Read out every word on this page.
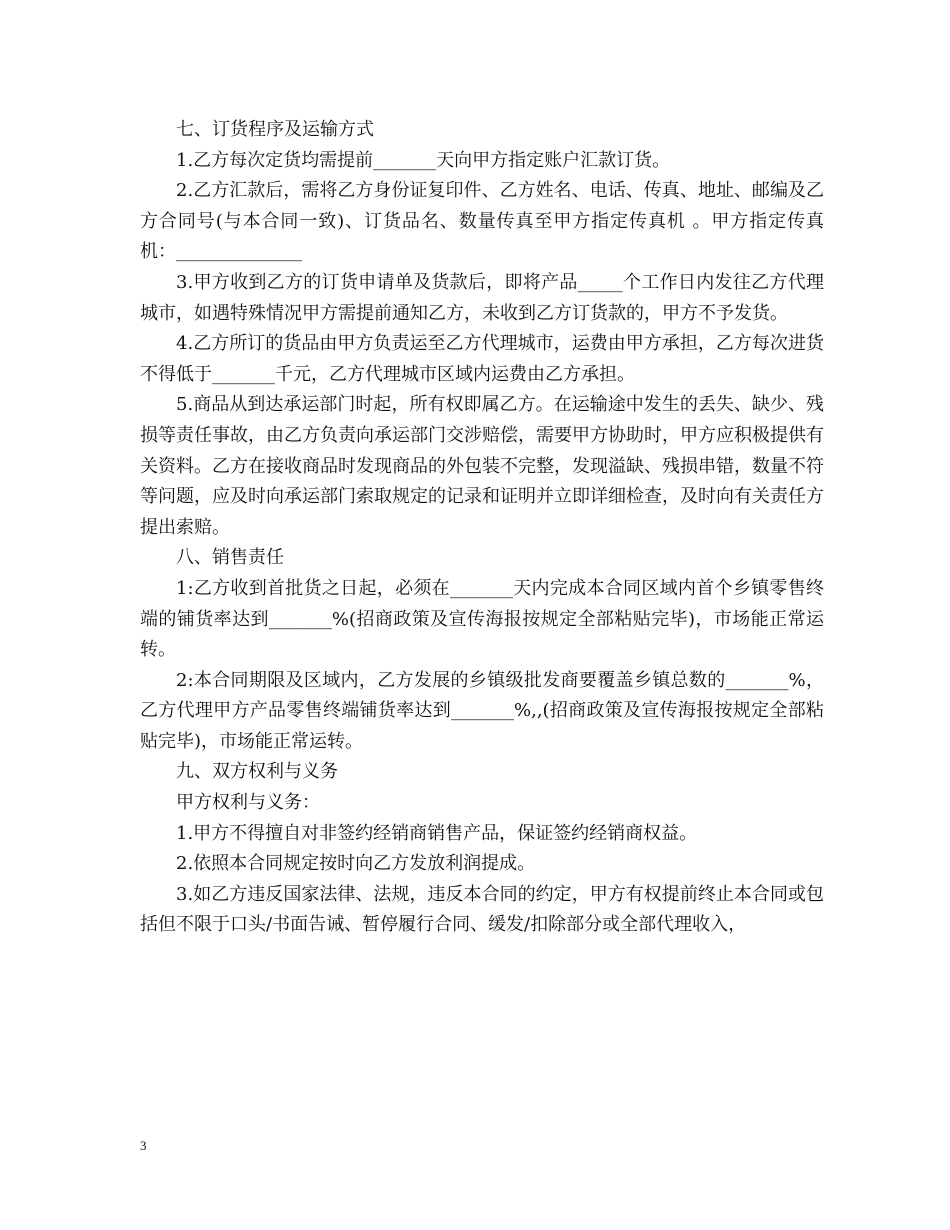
七、订货程序及运输方式

1.乙方每次定货均需提前_______天向甲方指定账户汇款订货。

2.乙方汇款后，需将乙方身份证复印件、乙方姓名、电话、传真、地址、邮编及乙方合同号(与本合同一致)、订货品名、数量传真至甲方指定传真机 。甲方指定传真机：______________

3.甲方收到乙方的订货申请单及货款后，即将产品_____个工作日内发往乙方代理城市，如遇特殊情况甲方需提前通知乙方，未收到乙方订货款的，甲方不予发货。

4.乙方所订的货品由甲方负责运至乙方代理城市，运费由甲方承担，乙方每次进货不得低于_______千元，乙方代理城市区域内运费由乙方承担。

5.商品从到达承运部门时起，所有权即属乙方。在运输途中发生的丢失、缺少、残损等责任事故，由乙方负责向承运部门交涉赔偿，需要甲方协助时，甲方应积极提供有关资料。乙方在接收商品时发现商品的外包装不完整，发现溢缺、残损串错，数量不符等问题，应及时向承运部门索取规定的记录和证明并立即详细检查，及时向有关责任方提出索赔。

八、销售责任

1:乙方收到首批货之日起，必须在_______天内完成本合同区域内首个乡镇零售终端的铺货率达到_______%(招商政策及宣传海报按规定全部粘贴完毕)，市场能正常运转。

2:本合同期限及区域内，乙方发展的乡镇级批发商要覆盖乡镇总数的_______%，乙方代理甲方产品零售终端铺货率达到_______%,,(招商政策及宣传海报按规定全部粘贴完毕)，市场能正常运转。

九、双方权利与义务

甲方权利与义务：

1.甲方不得擅自对非签约经销商销售产品，保证签约经销商权益。

2.依照本合同规定按时向乙方发放利润提成。

3.如乙方违反国家法律、法规，违反本合同的约定，甲方有权提前终止本合同或包括但不限于口头/书面告诫、暂停履行合同、缓发/扣除部分或全部代理收入，

3
